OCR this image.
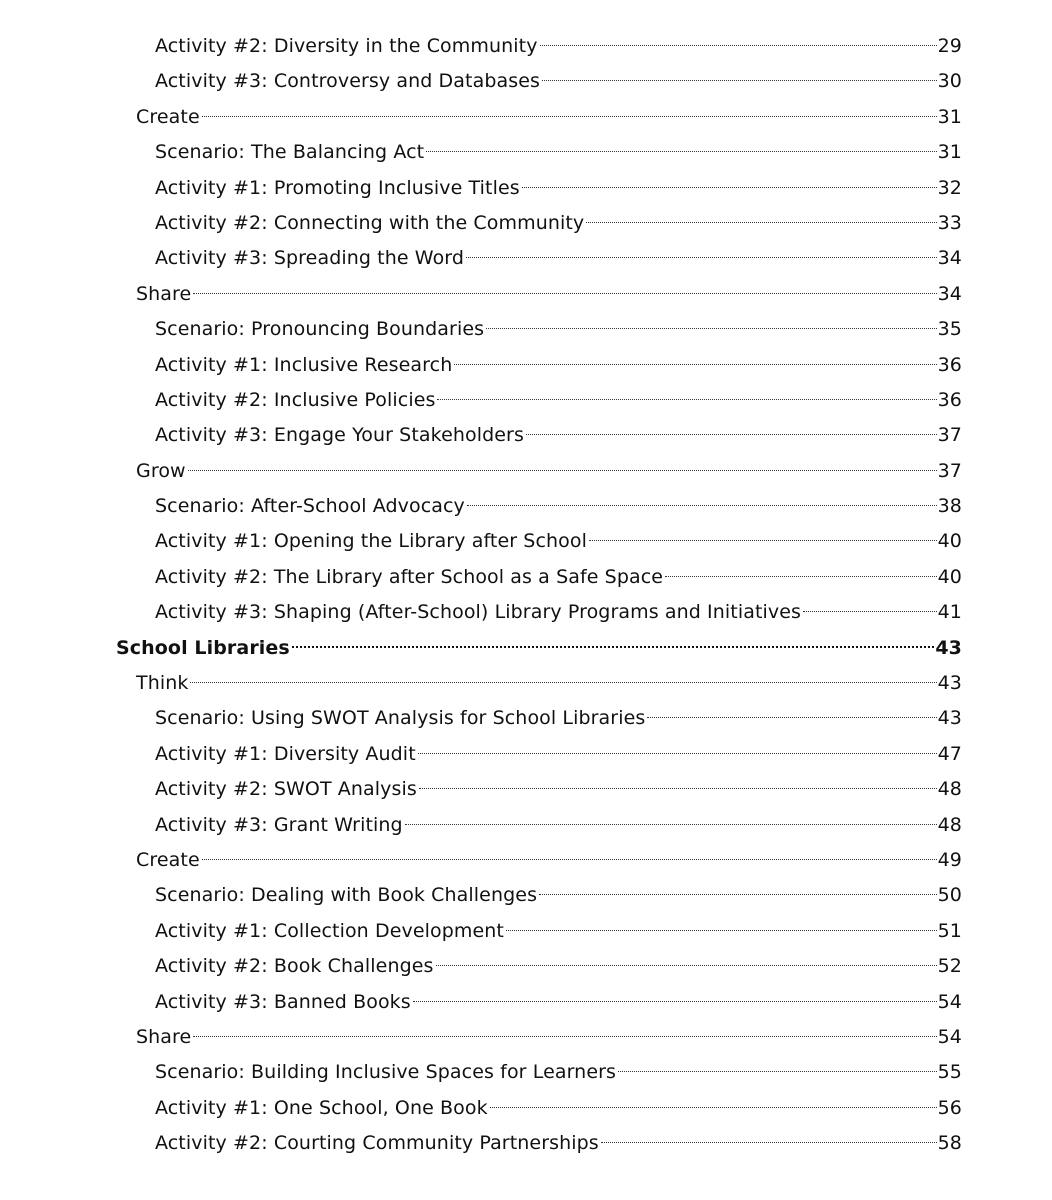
Activity #2: Diversity in the Community	29
Activity #3: Controversy and Databases	30
Create	31
Scenario: The Balancing Act	31
Activity #1: Promoting Inclusive Titles	32
Activity #2: Connecting with the Community	33
Activity #3: Spreading the Word	34
Share	34
Scenario: Pronouncing Boundaries	35
Activity #1: Inclusive Research	36
Activity #2: Inclusive Policies	36
Activity #3: Engage Your Stakeholders	37
Grow	37
Scenario: After-School Advocacy	38
Activity #1: Opening the Library after School	40
Activity #2: The Library after School as a Safe Space	40
Activity #3: Shaping (After-School) Library Programs and Initiatives	41
School Libraries	43
Think	43
Scenario: Using SWOT Analysis for School Libraries	43
Activity #1: Diversity Audit	47
Activity #2: SWOT Analysis	48
Activity #3: Grant Writing	48
Create	49
Scenario: Dealing with Book Challenges	50
Activity #1: Collection Development	51
Activity #2: Book Challenges	52
Activity #3: Banned Books	54
Share	54
Scenario: Building Inclusive Spaces for Learners	55
Activity #1: One School, One Book	56
Activity #2: Courting Community Partnerships	58
